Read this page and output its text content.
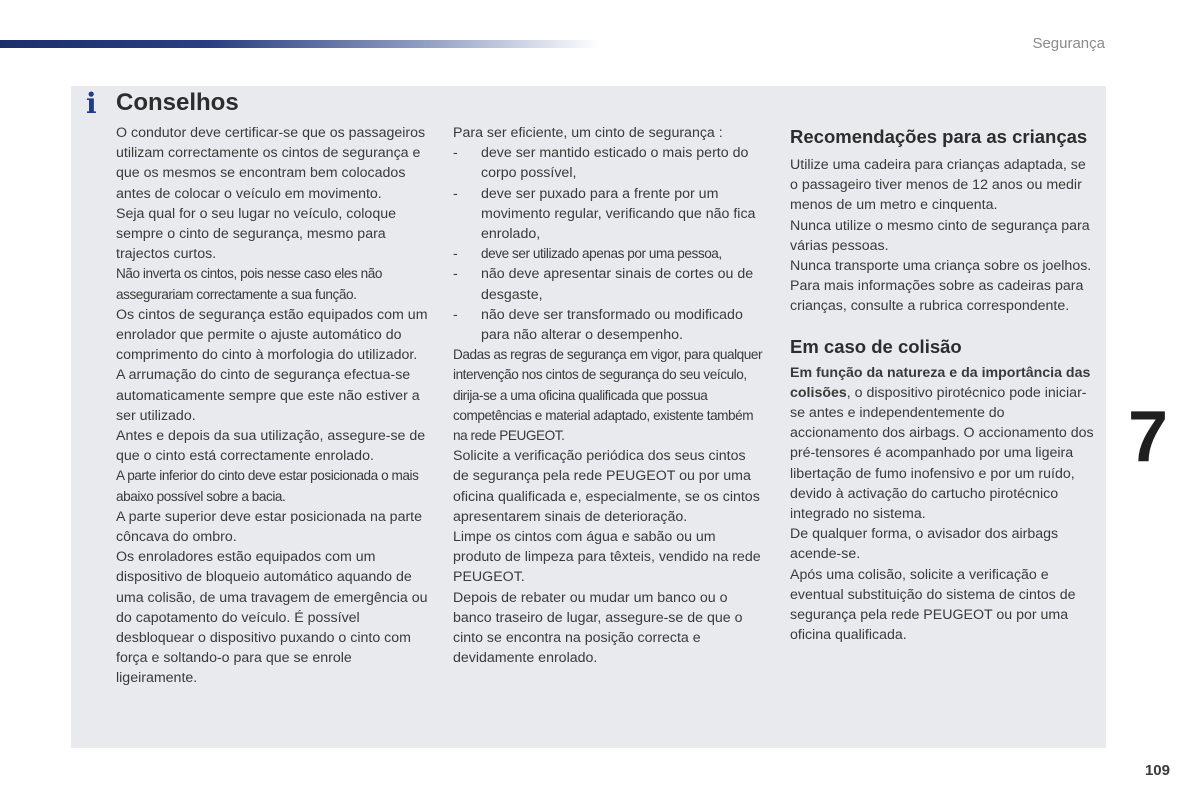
Segurança
i Conselhos

O condutor deve certificar-se que os passageiros utilizam correctamente os cintos de segurança e que os mesmos se encontram bem colocados antes de colocar o veículo em movimento.

Seja qual for o seu lugar no veículo, coloque sempre o cinto de segurança, mesmo para trajectos curtos.

Não inverta os cintos, pois nesse caso eles não assegurariam correctamente a sua função.

Os cintos de segurança estão equipados com um enrolador que permite o ajuste automático do comprimento do cinto à morfologia do utilizador. A arrumação do cinto de segurança efectua-se automaticamente sempre que este não estiver a ser utilizado.

Antes e depois da sua utilização, assegure-se de que o cinto está correctamente enrolado.

A parte inferior do cinto deve estar posicionada o mais abaixo possível sobre a bacia.

A parte superior deve estar posicionada na parte côncava do ombro.

Os enroladores estão equipados com um dispositivo de bloqueio automático aquando de uma colisão, de uma travagem de emergência ou do capotamento do veículo. É possível desbloquear o dispositivo puxando o cinto com força e soltando-o para que se enrole ligeiramente.

Para ser eficiente, um cinto de segurança :

-	deve ser mantido esticado o mais perto do corpo possível,
-	deve ser puxado para a frente por um movimento regular, verificando que não fica enrolado,
-	deve ser utilizado apenas por uma pessoa,
-	não deve apresentar sinais de cortes ou de desgaste,
-	não deve ser transformado ou modificado para não alterar o desempenho.

Dadas as regras de segurança em vigor, para qualquer intervenção nos cintos de segurança do seu veículo, dirija-se a uma oficina qualificada que possua competências e material adaptado, existente também na rede PEUGEOT.

Solicite a verificação periódica dos seus cintos de segurança pela rede PEUGEOT ou por uma oficina qualificada e, especialmente, se os cintos apresentarem sinais de deterioração.

Limpe os cintos com água e sabão ou um produto de limpeza para têxteis, vendido na rede PEUGEOT.

Depois de rebater ou mudar um banco ou o banco traseiro de lugar, assegure-se de que o cinto se encontra na posição correcta e devidamente enrolado.

Recomendações para as crianças

Utilize uma cadeira para crianças adaptada, se o passageiro tiver menos de 12 anos ou medir menos de um metro e cinquenta.

Nunca utilize o mesmo cinto de segurança para várias pessoas.

Nunca transporte uma criança sobre os joelhos.

Para mais informações sobre as cadeiras para crianças, consulte a rubrica correspondente.

Em caso de colisão

Em função da natureza e da importância das colisões, o dispositivo pirotécnico pode iniciar-se antes e independentemente do accionamento dos airbags. O accionamento dos pré-tensores é acompanhado por uma ligeira libertação de fumo inofensivo e por um ruído, devido à activação do cartucho pirotécnico integrado no sistema.

De qualquer forma, o avisador dos airbags acende-se.

Após uma colisão, solicite a verificação e eventual substituição do sistema de cintos de segurança pela rede PEUGEOT ou por uma oficina qualificada.

7
109
